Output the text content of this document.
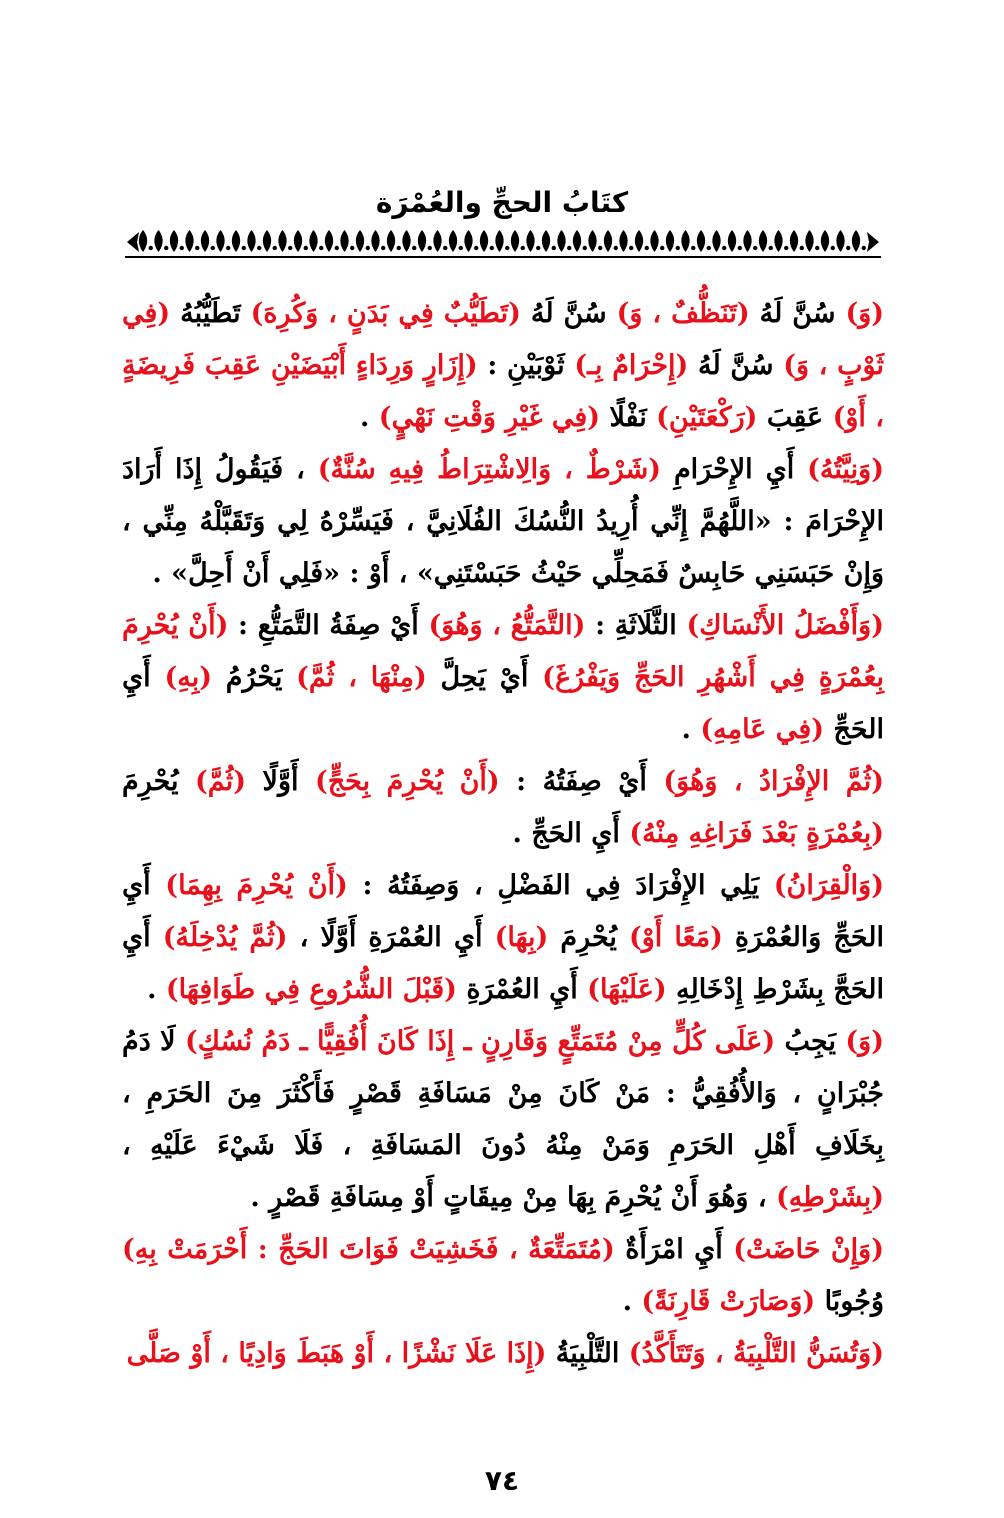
كتَابُ الحجِّ والعُمْرَة

(وَ) سُنَّ لَهُ (تَنَظُّفٌ ، وَ) سُنَّ لَهُ (تَطَيُّبٌ فِي بَدَنٍ ، وَكُرِهَ) تَطَيُّبُهُ (فِي ثَوْبٍ ، وَ) سُنَّ لَهُ (إِحْرَامٌ بِـ) ثَوْبَيْنِ : (إِزَارٍ وَرِدَاءٍ أَبْيَضَيْنِ عَقِبَ فَرِيضَةٍ ، أَوْ) عَقِبَ (رَكْعَتَيْنِ) نَفْلًا (فِي غَيْرِ وَقْتِ نَهْيٍ) .

(وَنِيَّتُهُ) أَيِ الإِحْرَامِ (شَرْطٌ ، وَالِاشْتِرَاطُ فِيهِ سُنَّةٌ) ، فَيَقُولُ إِذَا أَرَادَ الإِحْرَامَ : «اللَّهُمَّ إِنِّي أُرِيدُ النُّسُكَ الفُلَانِيَّ ، فَيَسِّرْهُ لِي وَتَقَبَّلْهُ مِنِّي ، وَإِنْ حَبَسَنِي حَابِسٌ فَمَحِلِّي حَيْثُ حَبَسْتَنِي» ، أَوْ : «فَلِي أَنْ أَحِلَّ» .

(وَأَفْضَلُ الأَنْسَاكِ) الثَّلَاثَةِ : (التَّمَتُّعُ ، وَهُوَ) أَيْ صِفَةُ التَّمَتُّعِ : (أَنْ يُحْرِمَ بِعُمْرَةٍ فِي أَشْهُرِ الحَجِّ وَيَفْرُغَ) أَيْ يَحِلَّ (مِنْهَا ، ثُمَّ) يَحْرُمُ (بِهِ) أَيِ الحَجِّ (فِي عَامِهِ) .

(ثُمَّ الإِفْرَادُ ، وَهُوَ) أَيْ صِفَتُهُ : (أَنْ يُحْرِمَ بِحَجٍّ) أَوَّلًا (ثُمَّ) يُحْرِمَ (بِعُمْرَةٍ بَعْدَ فَرَاغِهِ مِنْهُ) أَيِ الحَجِّ .

(وَالْقِرَانُ) يَلِي الإِفْرَادَ فِي الفَضْلِ ، وَصِفَتُهُ : (أَنْ يُحْرِمَ بِهِمَا) أَيِ الحَجِّ وَالعُمْرَةِ (مَعًا أَوْ) يُحْرِمَ (بِهَا) أَيِ العُمْرَةِ أَوَّلًا ، (ثُمَّ يُدْخِلَهُ) أَيِ الحَجَّ بِشَرْطِ إِدْخَالِهِ (عَلَيْهَا) أَيِ العُمْرَةِ (قَبْلَ الشُّرُوعِ فِي طَوَافِهَا) .

(وَ) يَجِبُ (عَلَى كُلٍّ مِنْ مُتَمَتِّعٍ وَقَارِنٍ ـ إِذَا كَانَ أُفُقِيًّا ـ دَمُ نُسُكٍ) لَا دَمُ جُبْرَانٍ ، وَالأُفُقِيُّ : مَنْ كَانَ مِنْ مَسَافَةِ قَصْرٍ فَأَكْثَرَ مِنَ الحَرَمِ ، بِخَلَافِ أَهْلِ الحَرَمِ وَمَنْ مِنْهُ دُونَ المَسَافَةِ ، فَلَا شَيْءَ عَلَيْهِ ، (بِشَرْطِهِ) ، وَهُوَ أَنْ يُحْرِمَ بِهَا مِنْ مِيقَاتٍ أَوْ مِسَافَةِ قَصْرٍ .

(وَإِنْ حَاضَتْ) أَيِ امْرَأَةٌ (مُتَمَتِّعَةٌ ، فَخَشِيَتْ فَوَاتَ الحَجِّ : أَحْرَمَتْ بِهِ) وُجُوبًا (وَصَارَتْ قَارِنَةً) .

(وَتُسَنُّ التَّلْبِيَةُ ، وَتَتَأَكَّدُ) التَّلْبِيَةُ (إِذَا عَلَا نَشْزًا ، أَوْ هَبَطَ وَادِيًا ، أَوْ صَلَّى

٧٤
